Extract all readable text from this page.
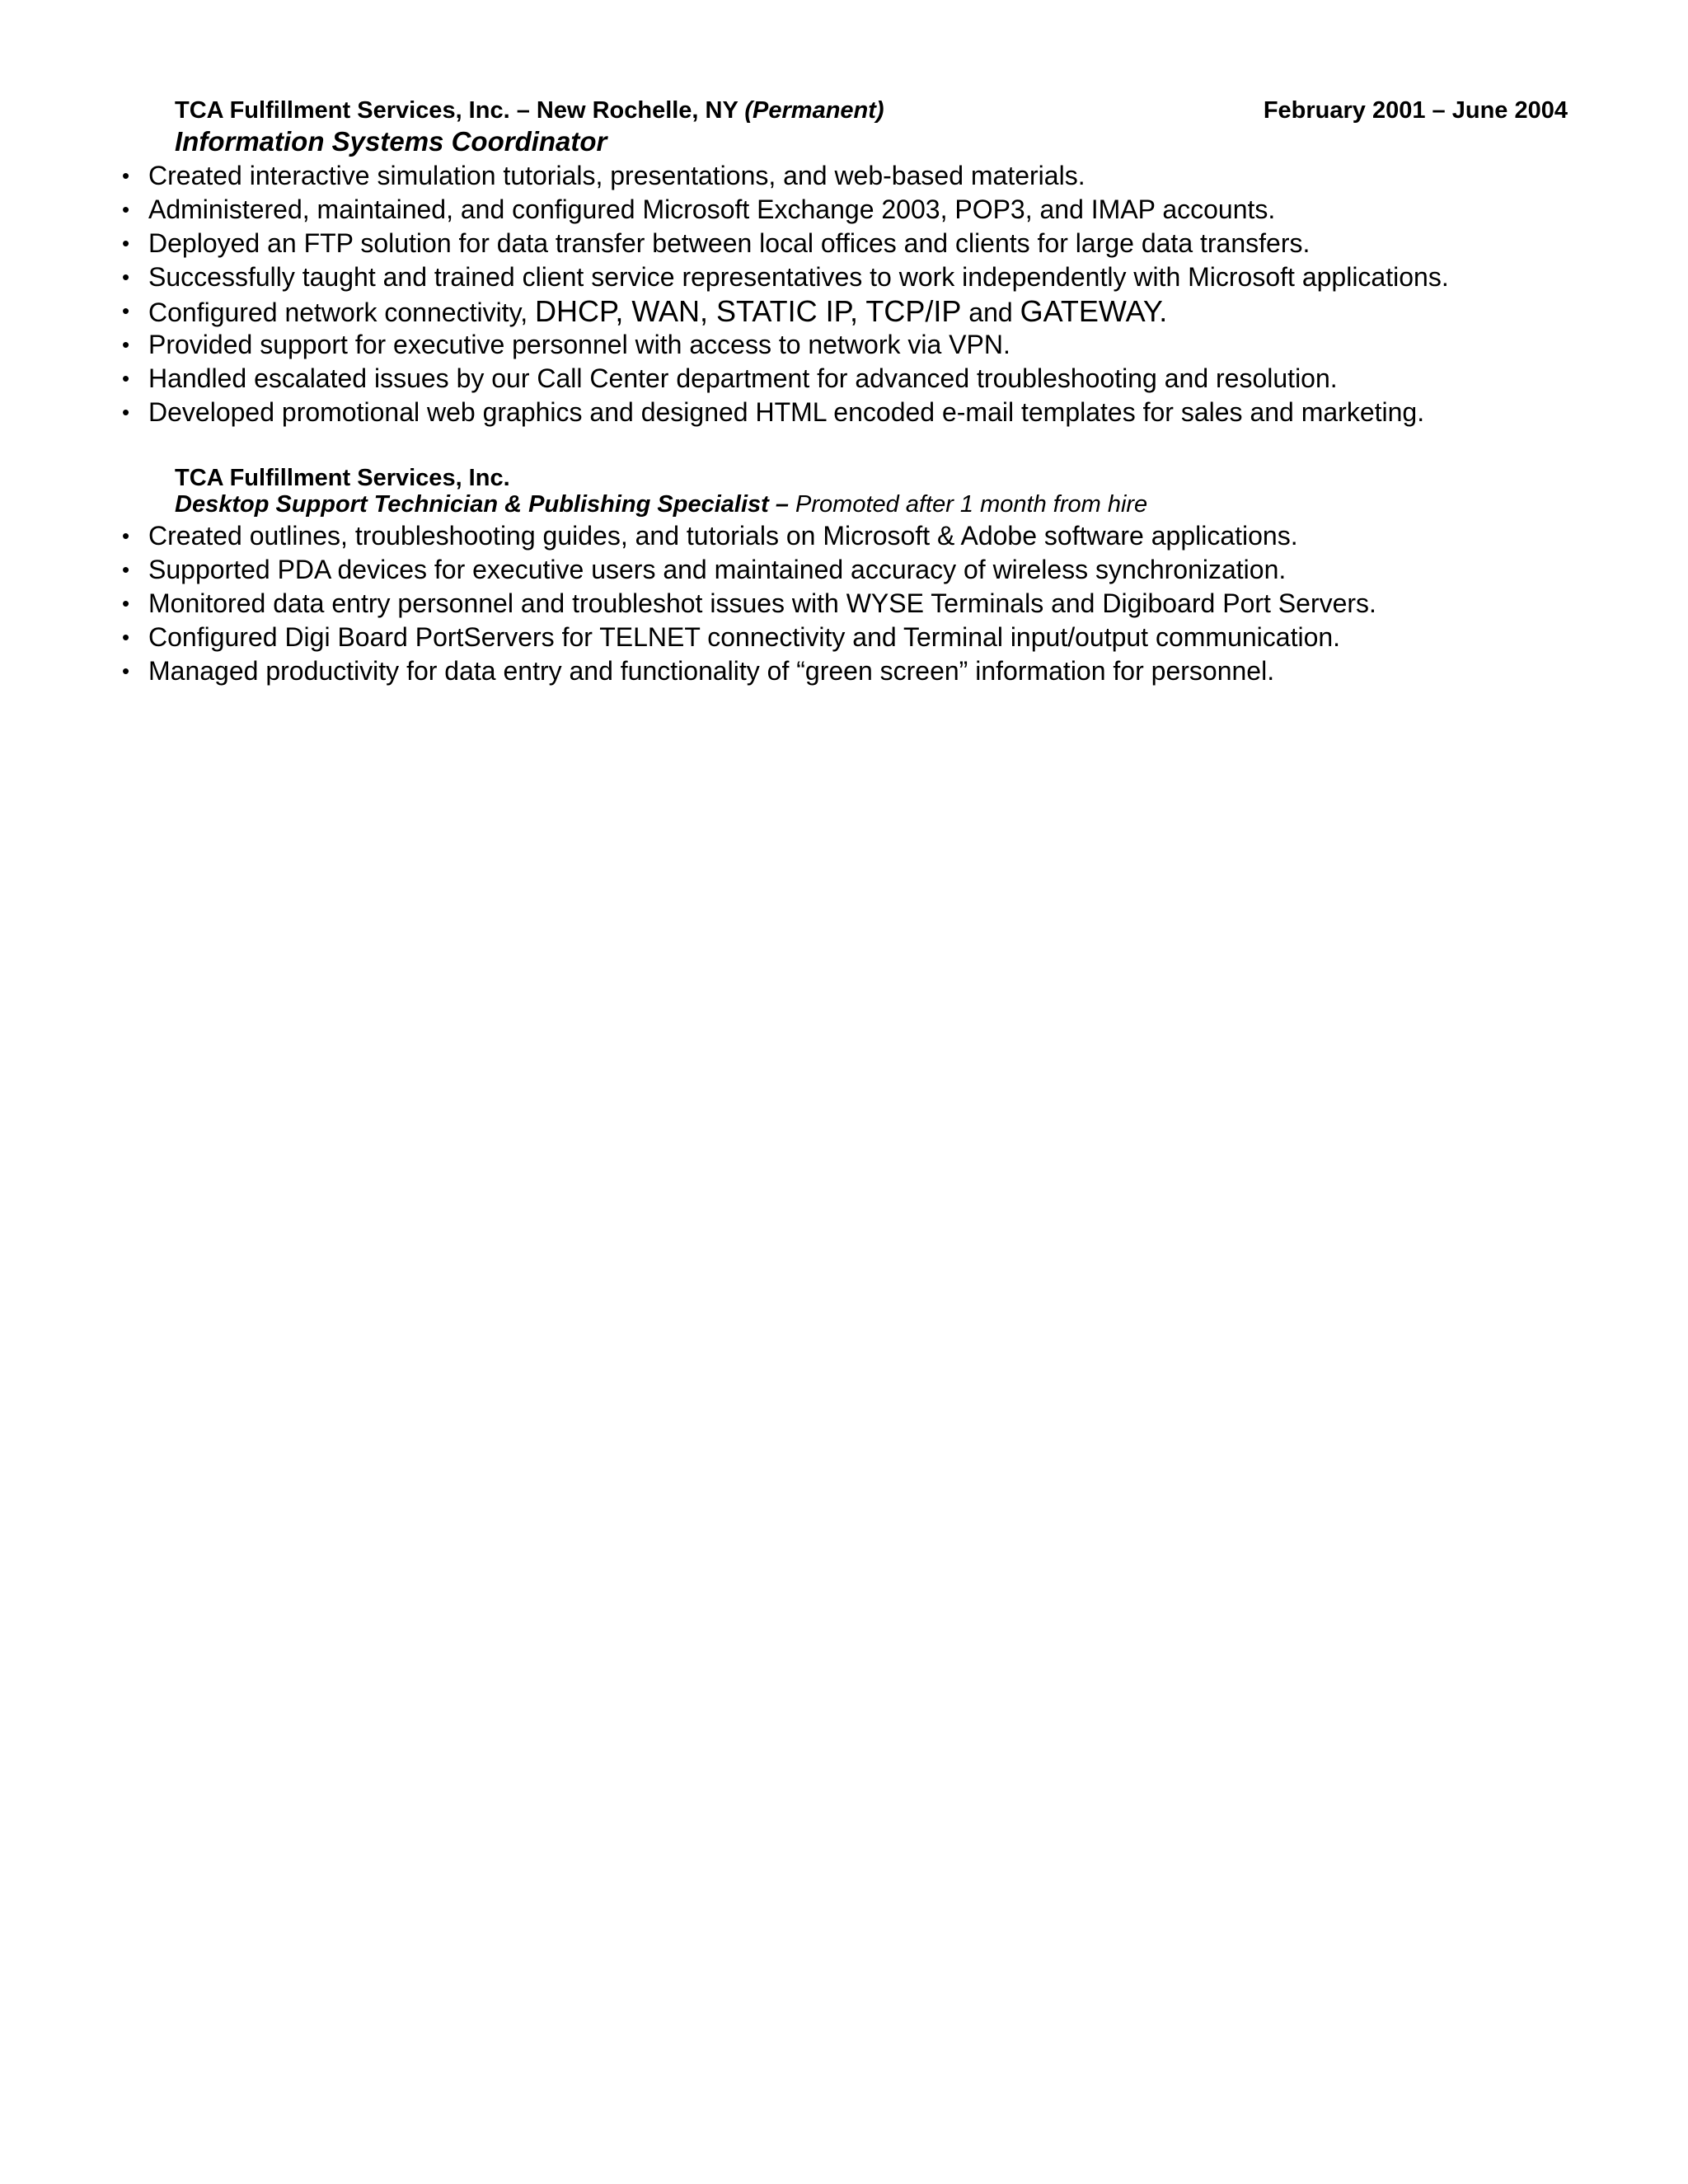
TCA Fulfillment Services, Inc. – New Rochelle, NY (Permanent)	February 2001 – June 2004
Information Systems Coordinator
• Created interactive simulation tutorials, presentations, and web-based materials.
• Administered, maintained, and configured Microsoft Exchange 2003, POP3, and IMAP accounts.
• Deployed an FTP solution for data transfer between local offices and clients for large data transfers.
• Successfully taught and trained client service representatives to work independently with Microsoft applications.
• Configured network connectivity, DHCP, WAN, STATIC IP, TCP/IP and GATEWAY.
• Provided support for executive personnel with access to network via VPN.
• Handled escalated issues by our Call Center department for advanced troubleshooting and resolution.
• Developed promotional web graphics and designed HTML encoded e-mail templates for sales and marketing.
TCA Fulfillment Services, Inc.
Desktop Support Technician & Publishing Specialist – Promoted after 1 month from hire
• Created outlines, troubleshooting guides, and tutorials on Microsoft & Adobe software applications.
• Supported PDA devices for executive users and maintained accuracy of wireless synchronization.
• Monitored data entry personnel and troubleshot issues with WYSE Terminals and Digiboard Port Servers.
• Configured Digi Board PortServers for TELNET connectivity and Terminal input/output communication.
• Managed productivity for data entry and functionality of “green screen” information for personnel.
